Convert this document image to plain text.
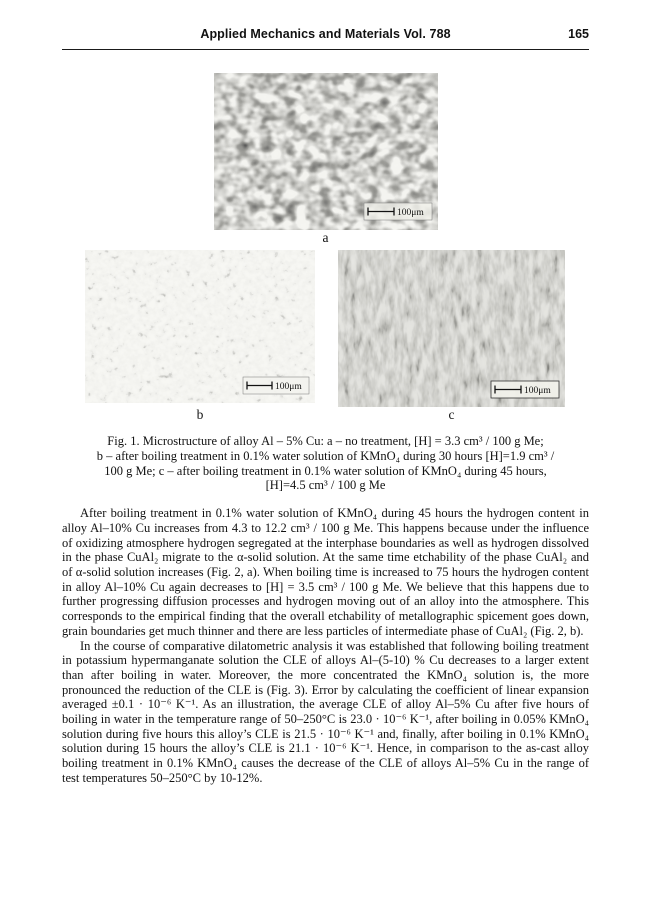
Applied Mechanics and Materials Vol. 788	165
100μm
a
100μm	100μm
b	c
Fig. 1. Microstructure of alloy Al – 5% Cu: a – no treatment, [H] = 3.3 cm³ / 100 g Me;
b – after boiling treatment in 0.1% water solution of KMnO₄ during 30 hours [H]=1.9 cm³ /
100 g Me; c – after boiling treatment in 0.1% water solution of KMnO₄ during 45 hours,
[H]=4.5 cm³ / 100 g Me

After boiling treatment in 0.1% water solution of KMnO₄ during 45 hours the hydrogen content in alloy Al–10% Cu increases from 4.3 to 12.2 cm³ / 100 g Me. This happens because under the influence of oxidizing atmosphere hydrogen segregated at the interphase boundaries as well as hydrogen dissolved in the phase CuAl₂ migrate to the α-solid solution. At the same time etchability of the phase CuAl₂ and of α-solid solution increases (Fig. 2, a). When boiling time is increased to 75 hours the hydrogen content in alloy Al–10% Cu again decreases to [H] = 3.5 cm³ / 100 g Me. We believe that this happens due to further progressing diffusion processes and hydrogen moving out of an alloy into the atmosphere. This corresponds to the empirical finding that the overall etchability of metallographic spicement goes down, grain boundaries get much thinner and there are less particles of intermediate phase of CuAl₂ (Fig. 2, b).

In the course of comparative dilatometric analysis it was established that following boiling treatment in potassium hypermanganate solution the CLE of alloys Al–(5-10) % Cu decreases to a larger extent than after boiling in water. Moreover, the more concentrated the KMnO₄ solution is, the more pronounced the reduction of the CLE is (Fig. 3). Error by calculating the coefficient of linear expansion averaged ±0.1 · 10⁻⁶ K⁻¹. As an illustration, the average CLE of alloy Al–5% Cu after five hours of boiling in water in the temperature range of 50–250°C is 23.0 · 10⁻⁶ K⁻¹, after boiling in 0.05% KMnO₄ solution during five hours this alloy’s CLE is 21.5 · 10⁻⁶ K⁻¹ and, finally, after boiling in 0.1% KMnO₄ solution during 15 hours the alloy’s CLE is 21.1 · 10⁻⁶ K⁻¹. Hence, in comparison to the as-cast alloy boiling treatment in 0.1% KMnO₄ causes the decrease of the CLE of alloys Al–5% Cu in the range of test temperatures 50–250°C by 10-12%.
